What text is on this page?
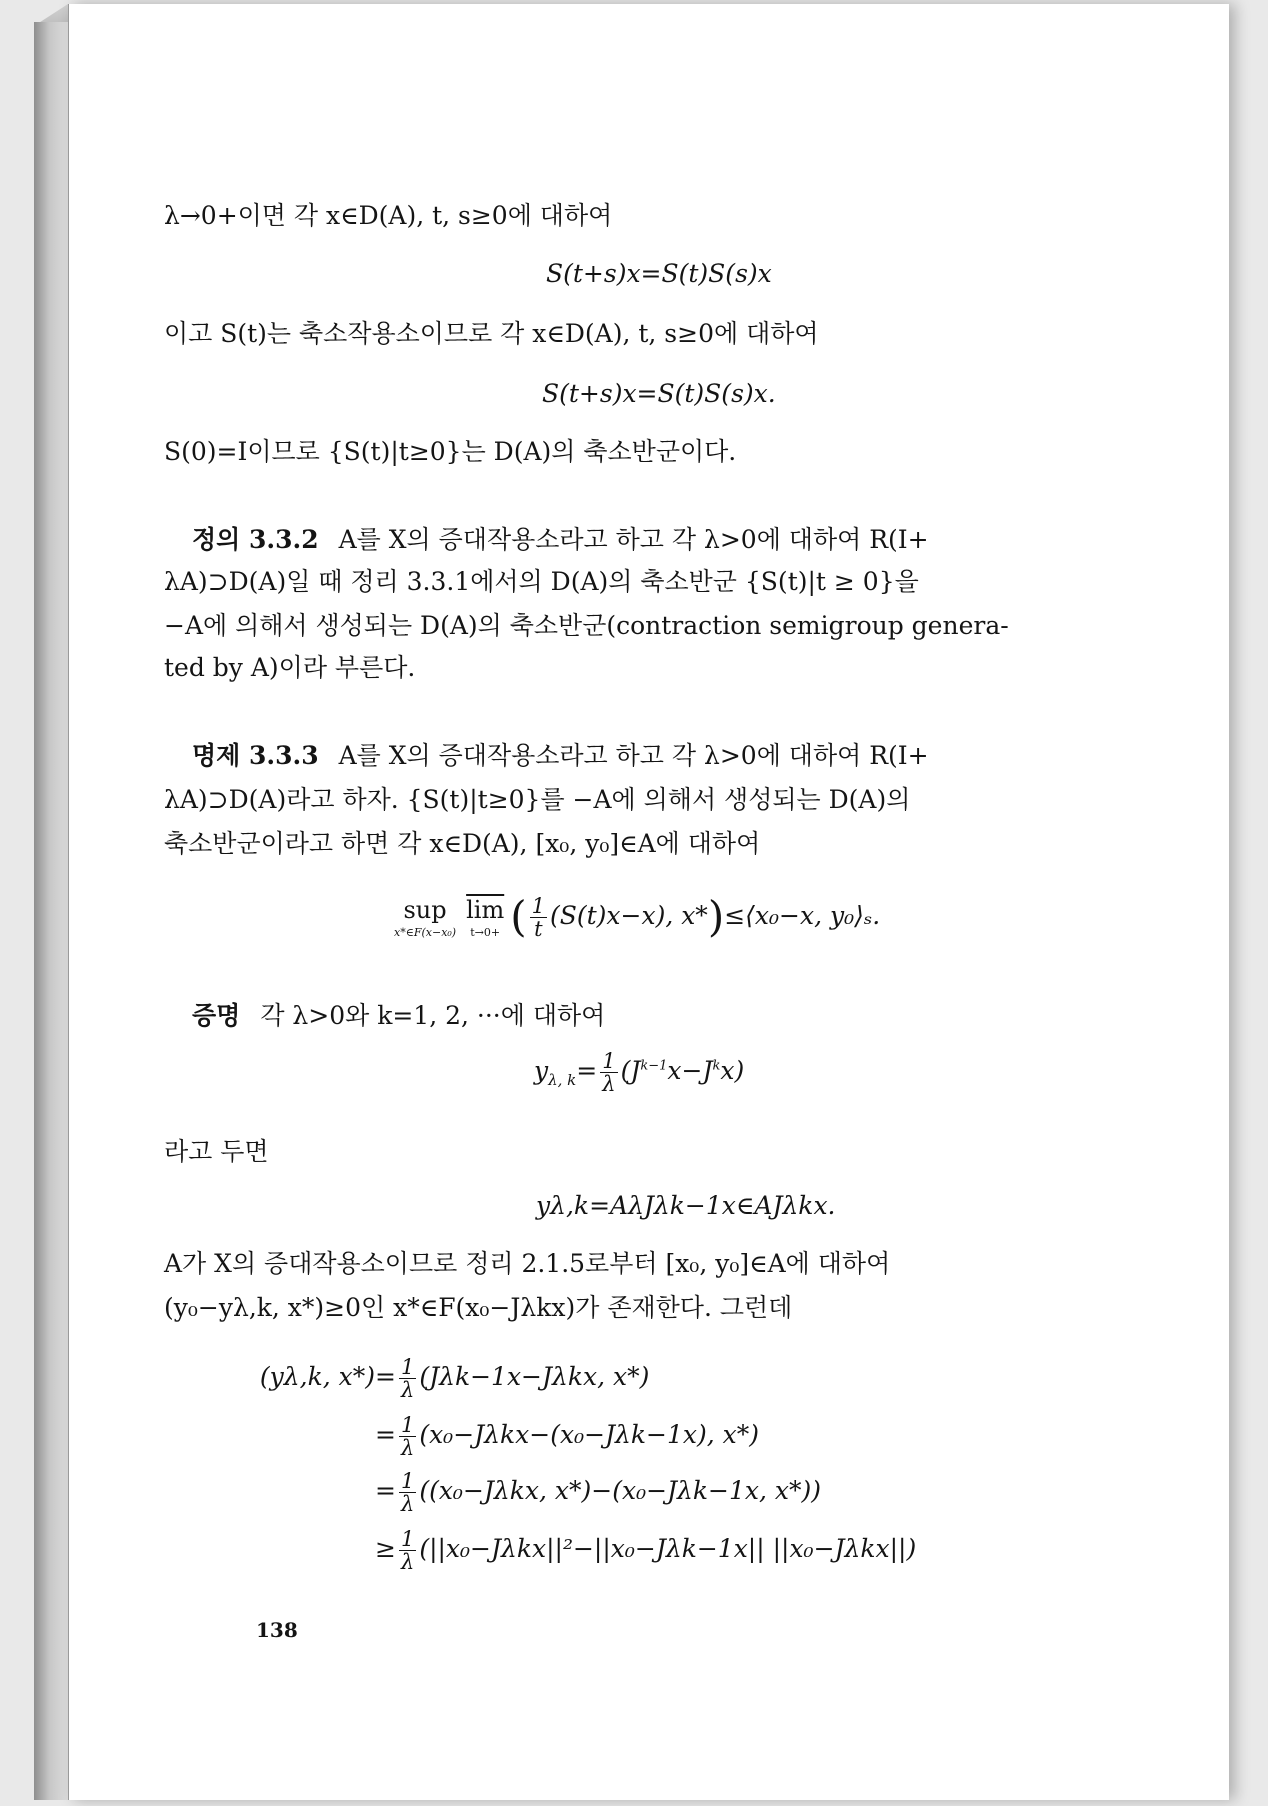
λ→0+이면 각 x∈D(A), t, s≥0에 대하여
S(t+s)x=S(t)S(s)x
이고 S(t)는 축소작용소이므로 각 x∈D(A), t, s≥0에 대하여
S(t+s)x=S(t)S(s)x.
S(0)=I이므로 {S(t)|t≥0}는 D(A)의 축소반군이다.
정의 3.3.2 A를 X의 증대작용소라고 하고 각 λ>0에 대하여 R(I+
λA)⊃D(A)일 때 정리 3.3.1에서의 D(A)의 축소반군 {S(t)|t ≥ 0}을
−A에 의해서 생성되는 D(A)의 축소반군(contraction semigroup genera-
ted by A)이라 부른다.
명제 3.3.3 A를 X의 증대작용소라고 하고 각 λ>0에 대하여 R(I+
λA)⊃D(A)라고 하자. {S(t)|t≥0}를 −A에 의해서 생성되는 D(A)의
축소반군이라고 하면 각 x∈D(A), [x₀, y₀]∈A에 대하여
sup
x*∈F(x−x₀)
$\overline{lim}$
t→0+ ( $\frac{1}{t} (S(t)x-x)$, x*)≤⟨x₀−x, y₀⟩ₛ.
증명 각 λ>0와 k=1, 2, ···에 대하여
$y_{\lambda, k}= \frac{1}{\lambda} (J^{k-1}x-J^kx)$
라고 두면
yλ,k=AλJλk−1x∈AJλkx.
A가 X의 증대작용소이므로 정리 2.1.5로부터 [x₀, y₀]∈A에 대하여
(y₀−yλ,k, x*)≥0인 x*∈F(x₀−Jλkx)가 존재한다. 그런데
(yλ,k, $x*)= \frac{1}{\lambda} (J\lambda k-1x-J\lambda kx$, x*)
= $\frac{1}{\lambda} (x_0-J\lambda kx-(x_0-J\lambda k-1x)$, x*)
= $\frac{1}{\lambda} ((x_0-J\lambda kx$, x*)−(x₀−Jλk−1x, x*))
≥ $\frac{1}{\lambda} (||x_0-J\lambda kx||^2-||x_0-J\lambda k-1x||$ ||x₀−Jλkx||)
138
